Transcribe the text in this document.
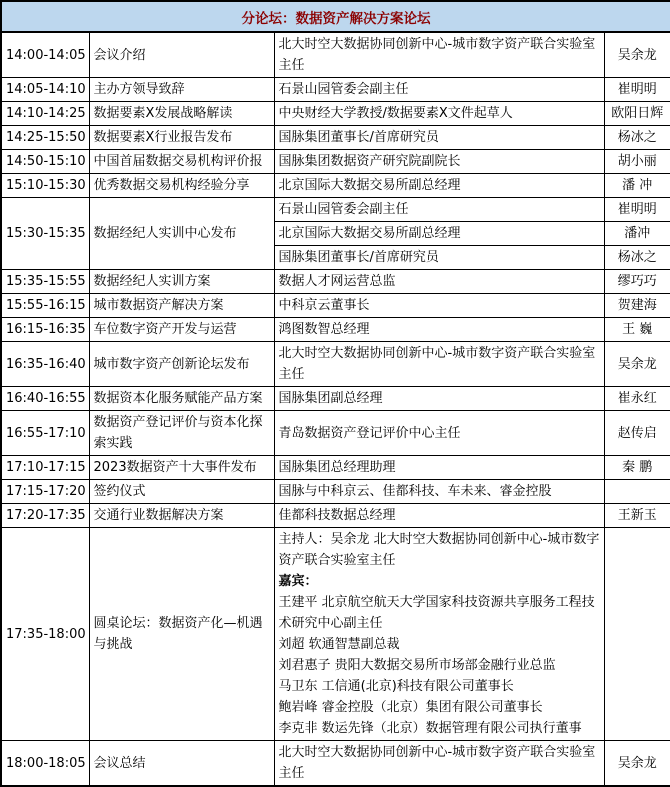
分论坛：数据资产解决方案论坛			
14:00-14:05	会议介绍	北大时空大数据协同创新中心-城市数字资产联合实验室主任	吴余龙
14:05-14:10	主办方领导致辞	石景山园管委会副主任	崔明明
14:10-14:25	数据要素X发展战略解读	中央财经大学教授/数据要素X文件起草人	欧阳日辉
14:25-15:50	数据要素X行业报告发布	国脉集团董事长/首席研究员	杨冰之
14:50-15:10	中国首届数据交易机构评价报	国脉集团数据资产研究院副院长	胡小丽
15:10-15:30	优秀数据交易机构经验分享	北京国际大数据交易所副总经理	潘 冲
15:30-15:35	数据经纪人实训中心发布	石景山园管委会副主任	崔明明
		北京国际大数据交易所副总经理	潘冲
		国脉集团董事长/首席研究员	杨冰之
15:35-15:55	数据经纪人实训方案	数据人才网运营总监	缪巧巧
15:55-16:15	城市数据资产解决方案	中科京云董事长	贺建海
16:15-16:35	车位数字资产开发与运营	鸿图数智总经理	王 巍
16:35-16:40	城市数字资产创新论坛发布	北大时空大数据协同创新中心-城市数字资产联合实验室主任	吴余龙
16:40-16:55	数据资本化服务赋能产品方案	国脉集团副总经理	崔永红
16:55-17:10	数据资产登记评价与资本化探索实践	青岛数据资产登记评价中心主任	赵传启
17:10-17:15	2023数据资产十大事件发布	国脉集团总经理助理	秦 鹏
17:15-17:20	签约仪式	国脉与中科京云、佳都科技、车未来、睿金控股	
17:20-17:35	交通行业数据解决方案	佳都科技数据总经理	王新玉
17:35-18:00	圆桌论坛：数据资产化—机遇与挑战	
主持人：吴余龙 北大时空大数据协同创新中心-城市数字资产联合实验室主任
嘉宾：
王建平 北京航空航天大学国家科技资源共享服务工程技术研究中心副主任
刘超 软通智慧副总裁
刘君惠子 贵阳大数据交易所市场部金融行业总监
马卫东 工信通(北京)科技有限公司董事长
鲍岩峰 睿金控股（北京）集团有限公司董事长
李克非 数运先锋（北京）数据管理有限公司执行董事

18:00-18:05	会议总结	北大时空大数据协同创新中心-城市数字资产联合实验室主任	吴余龙
